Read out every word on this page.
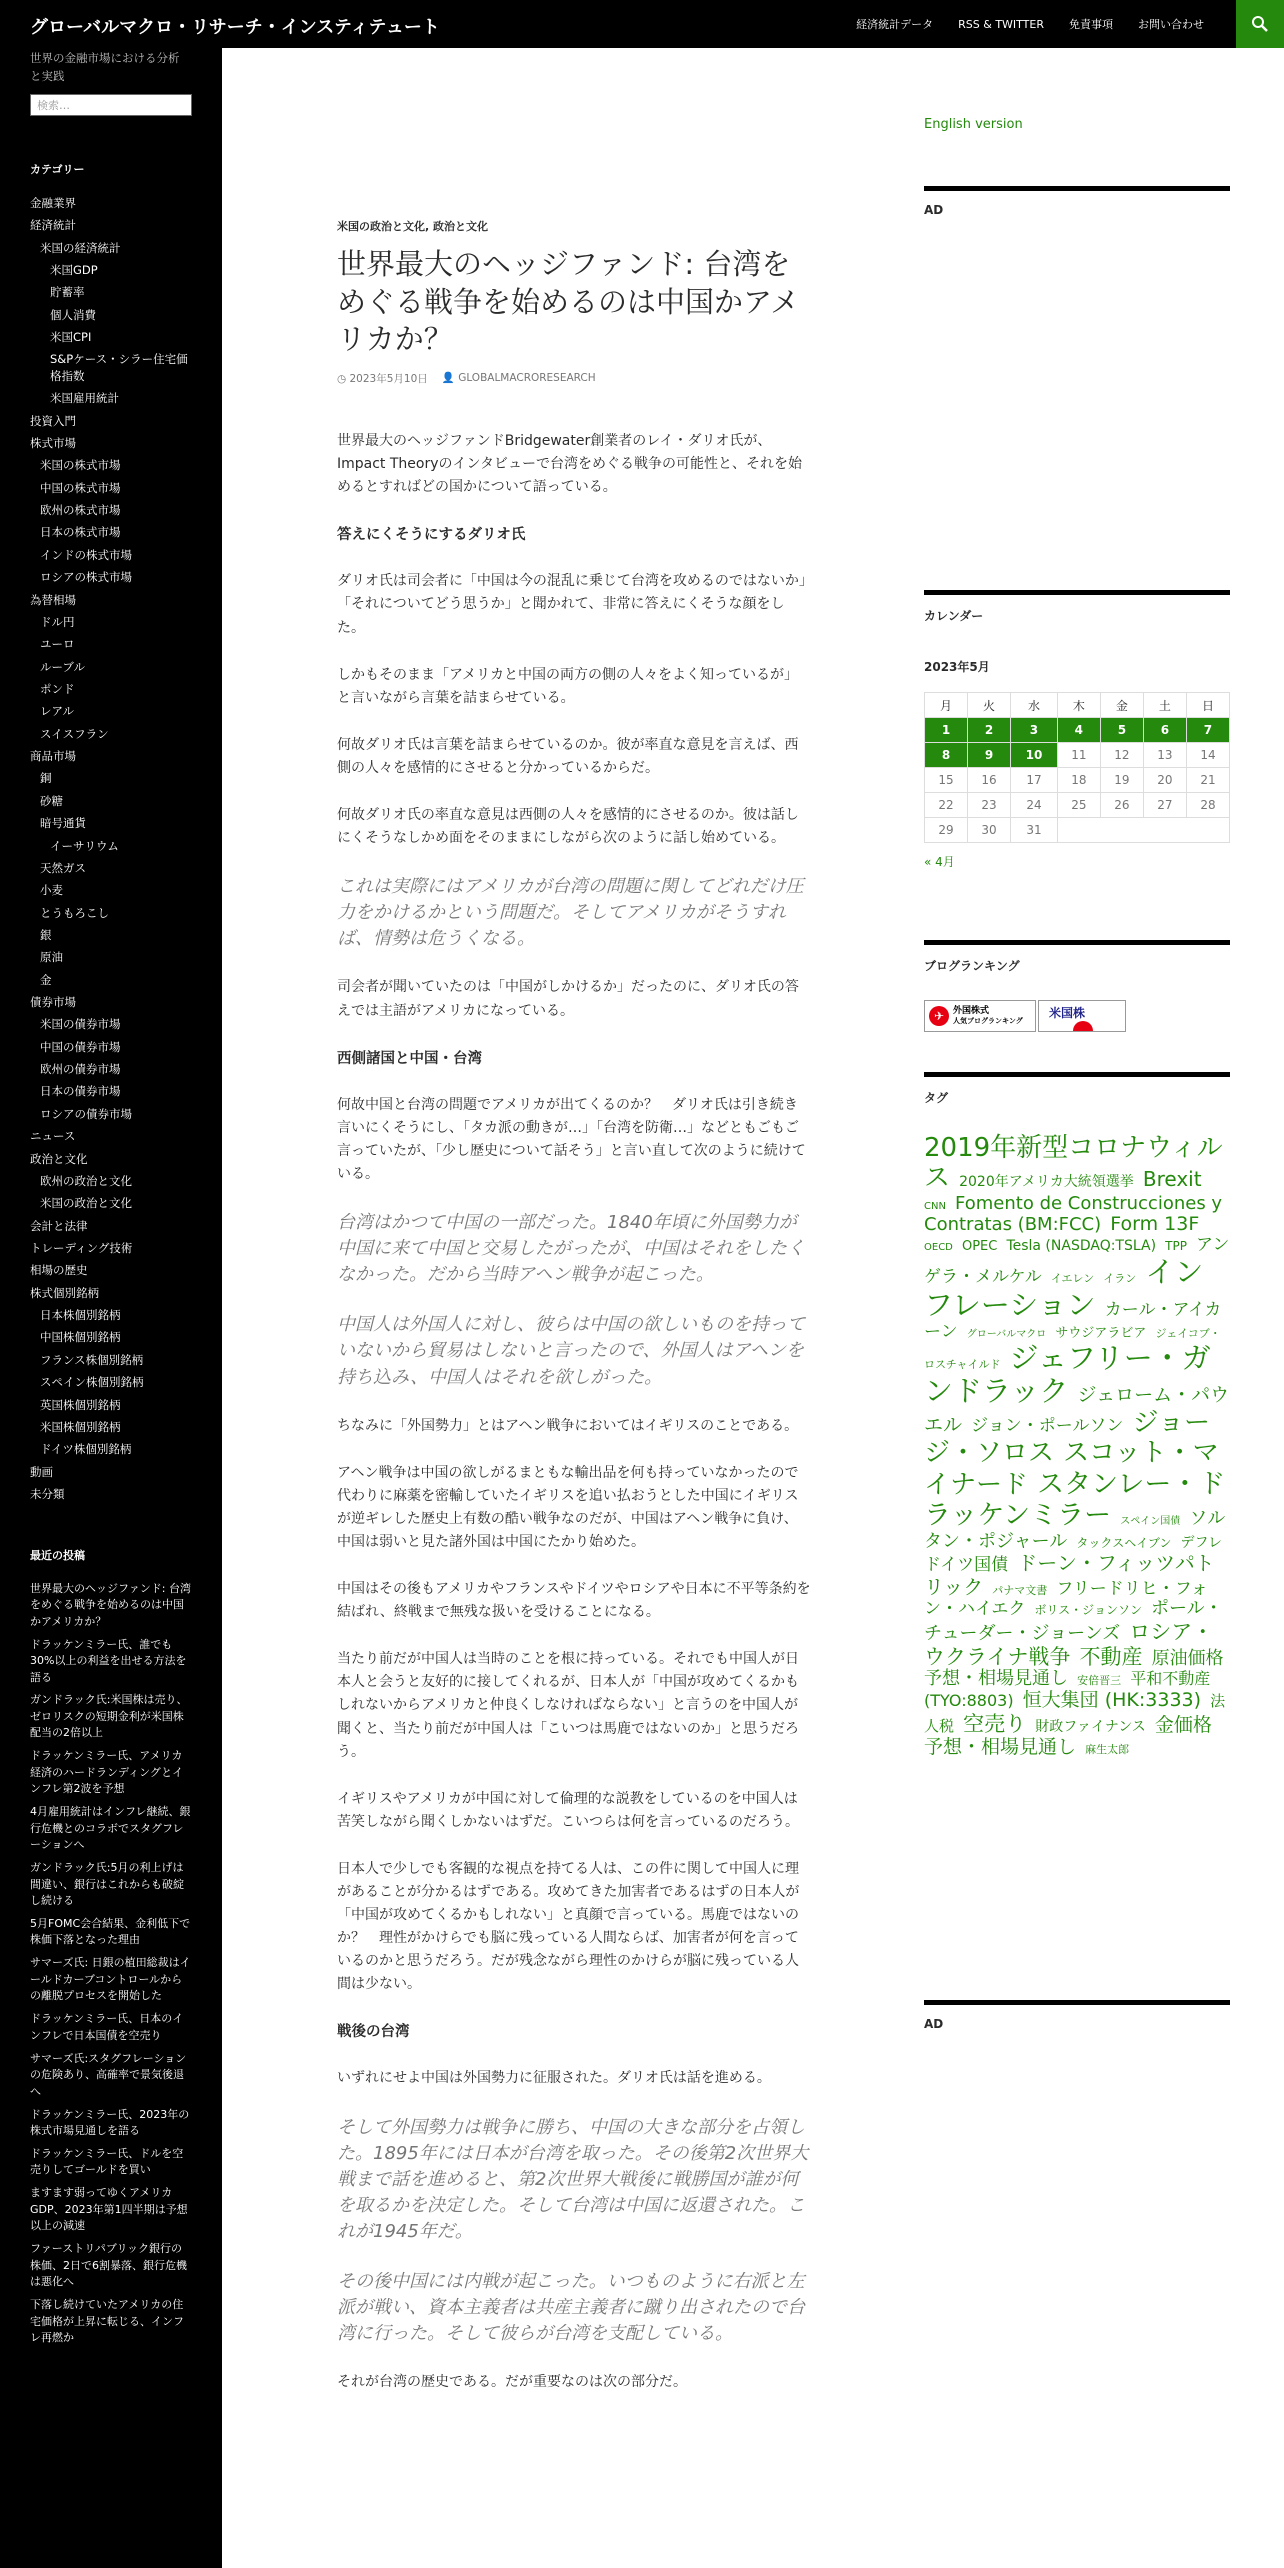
グローバルマクロ・リサーチ・インスティテュート	経済統計データ RSS & TWITTER 免責事項 お問い合わせ
世界の金融市場における分析と実践
検索…
カテゴリー
金融業界
経済統計
米国の経済統計
米国GDP
貯蓄率
個人消費
米国CPI
S&Pケース・シラー住宅価格指数
米国雇用統計
投資入門
株式市場
米国の株式市場
中国の株式市場
欧州の株式市場
日本の株式市場
インドの株式市場
ロシアの株式市場
為替相場
ドル円
ユーロ
ルーブル
ポンド
レアル
スイスフラン
商品市場
銅
砂糖
暗号通貨
イーサリウム
天然ガス
小麦
とうもろこし
銀
原油
金
債券市場
米国の債券市場
中国の債券市場
欧州の債券市場
日本の債券市場
ロシアの債券市場
ニュース
政治と文化
欧州の政治と文化
米国の政治と文化
会計と法律
トレーディング技術
相場の歴史
株式個別銘柄
日本株個別銘柄
中国株個別銘柄
フランス株個別銘柄
スペイン株個別銘柄
英国株個別銘柄
米国株個別銘柄
ドイツ株個別銘柄
動画
未分類
最近の投稿
世界最大のヘッジファンド: 台湾をめぐる戦争を始めるのは中国かアメリカか？
ドラッケンミラー氏、誰でも30%以上の利益を出せる方法を語る
ガンドラック氏:米国株は売り、ゼロリスクの短期金利が米国株配当の2倍以上
ドラッケンミラー氏、アメリカ経済のハードランディングとインフレ第2波を予想
4月雇用統計はインフレ継続、銀行危機とのコラボでスタグフレーションへ
ガンドラック氏:5月の利上げは間違い、銀行はこれからも破綻し続ける
5月FOMC会合結果、金利低下で株価下落となった理由
サマーズ氏: 日銀の植田総裁はイールドカーブコントロールからの離脱プロセスを開始した
ドラッケンミラー氏、日本のインフレで日本国債を空売り
サマーズ氏:スタグフレーションの危険あり、高確率で景気後退へ
ドラッケンミラー氏、2023年の株式市場見通しを語る
ドラッケンミラー氏、ドルを空売りしてゴールドを買い
ますます弱ってゆくアメリカGDP、2023年第1四半期は予想以上の減速
ファーストリパブリック銀行の株価、2日で6割暴落、銀行危機は悪化へ
下落し続けていたアメリカの住宅価格が上昇に転じる、インフレ再燃か
米国の政治と文化, 政治と文化
世界最大のヘッジファンド: 台湾をめぐる戦争を始めるのは中国かアメリカか？
◷ 2023年5月10日 👤 GLOBALMACRORESEARCH

世界最大のヘッジファンドBridgewater創業者のレイ・ダリオ氏が、Impact Theoryのインタビューで台湾をめぐる戦争の可能性と、それを始めるとすればどの国かについて語っている。

答えにくそうにするダリオ氏

ダリオ氏は司会者に「中国は今の混乱に乗じて台湾を攻めるのではないか」「それについてどう思うか」と聞かれて、非常に答えにくそうな顔をした。

しかもそのまま「アメリカと中国の両方の側の人々をよく知っているが」と言いながら言葉を詰まらせている。

何故ダリオ氏は言葉を詰まらせているのか。彼が率直な意見を言えば、西側の人々を感情的にさせると分かっているからだ。

何故ダリオ氏の率直な意見は西側の人々を感情的にさせるのか。彼は話しにくそうなしかめ面をそのままにしながら次のように話し始めている。

これは実際にはアメリカが台湾の問題に関してどれだけ圧力をかけるかという問題だ。そしてアメリカがそうすれば、情勢は危うくなる。

司会者が聞いていたのは「中国がしかけるか」だったのに、ダリオ氏の答えでは主語がアメリカになっている。

西側諸国と中国・台湾

何故中国と台湾の問題でアメリカが出てくるのか？　ダリオ氏は引き続き言いにくそうにし、「タカ派の動きが…」「台湾を防衛…」などともごもご言っていたが、「少し歴史について話そう」と言い直して次のように続けている。

台湾はかつて中国の一部だった。1840年頃に外国勢力が中国に来て中国と交易したがったが、中国はそれをしたくなかった。だから当時アヘン戦争が起こった。
中国人は外国人に対し、彼らは中国の欲しいものを持っていないから貿易はしないと言ったので、外国人はアヘンを持ち込み、中国人はそれを欲しがった。

ちなみに「外国勢力」とはアヘン戦争においてはイギリスのことである。

アヘン戦争は中国の欲しがるまともな輸出品を何も持っていなかったので代わりに麻薬を密輸していたイギリスを追い払おうとした中国にイギリスが逆ギレした歴史上有数の酷い戦争なのだが、中国はアヘン戦争に負け、中国は弱いと見た諸外国は中国にたかり始めた。

中国はその後もアメリカやフランスやドイツやロシアや日本に不平等条約を結ばれ、終戦まで無残な扱いを受けることになる。

当たり前だが中国人は当時のことを根に持っている。それでも中国人が日本人と会うと友好的に接してくれるが、日本人が「中国が攻めてくるかもしれないからアメリカと仲良くしなければならない」と言うのを中国人が聞くと、当たり前だが中国人は「こいつは馬鹿ではないのか」と思うだろう。

イギリスやアメリカが中国に対して倫理的な説教をしているのを中国人は苦笑しながら聞くしかないはずだ。こいつらは何を言っているのだろう。

日本人で少しでも客観的な視点を持てる人は、この件に関して中国人に理があることが分かるはずである。攻めてきた加害者であるはずの日本人が「中国が攻めてくるかもしれない」と真顔で言っている。馬鹿ではないのか？　理性がかけらでも脳に残っている人間ならば、加害者が何を言っているのかと思うだろう。だが残念ながら理性のかけらが脳に残っている人間は少ない。

戦後の台湾

いずれにせよ中国は外国勢力に征服された。ダリオ氏は話を進める。

そして外国勢力は戦争に勝ち、中国の大きな部分を占領した。1895年には日本が台湾を取った。その後第2次世界大戦まで話を進めると、第2次世界大戦後に戦勝国が誰が何を取るかを決定した。そして台湾は中国に返還された。これが1945年だ。
その後中国には内戦が起こった。いつものように右派と左派が戦い、資本主義者は共産主義者に蹴り出されたので台湾に行った。そして彼らが台湾を支配している。

それが台湾の歴史である。だが重要なのは次の部分だ。

English version
AD
カレンダー
2023年5月
月	火	水	木	金	土	日
1	2	3	4	5	6	7
8	9	10	11	12	13	14
15	16	17	18	19	20	21
22	23	24	25	26	27	28
29	30	31				
« 4月
ブログランキング
✈ 外国株式
人気ブログランキング
米国株
タグ
2019年新型コロナウィルス 2020年アメリカ大統領選挙 Brexit CNN Fomento de Construcciones y Contratas (BM:FCC) Form 13F OECD OPEC Tesla (NASDAQ:TSLA) TPP アンゲラ・メルケル イエレン イラン インフレーション カール・アイカーン グローバルマクロ サウジアラビア ジェイコブ・ロスチャイルド ジェフリー・ガンドラック ジェローム・パウエル ジョン・ポールソン ジョージ・ソロス スコット・マイナード スタンレー・ドラッケンミラー スペイン国債 ソルタン・ポジャール タックスヘイブン デフレ ドイツ国債 ドーン・フィッツパトリック パナマ文書 フリードリヒ・フォン・ハイエク ボリス・ジョンソン ポール・チューダー・ジョーンズ ロシア・ウクライナ戦争 不動産 原油価格予想・相場見通し 安倍晋三 平和不動産 (TYO:8803) 恒大集団 (HK:3333) 法人税 空売り 財政ファイナンス 金価格予想・相場見通し 麻生太郎
AD
